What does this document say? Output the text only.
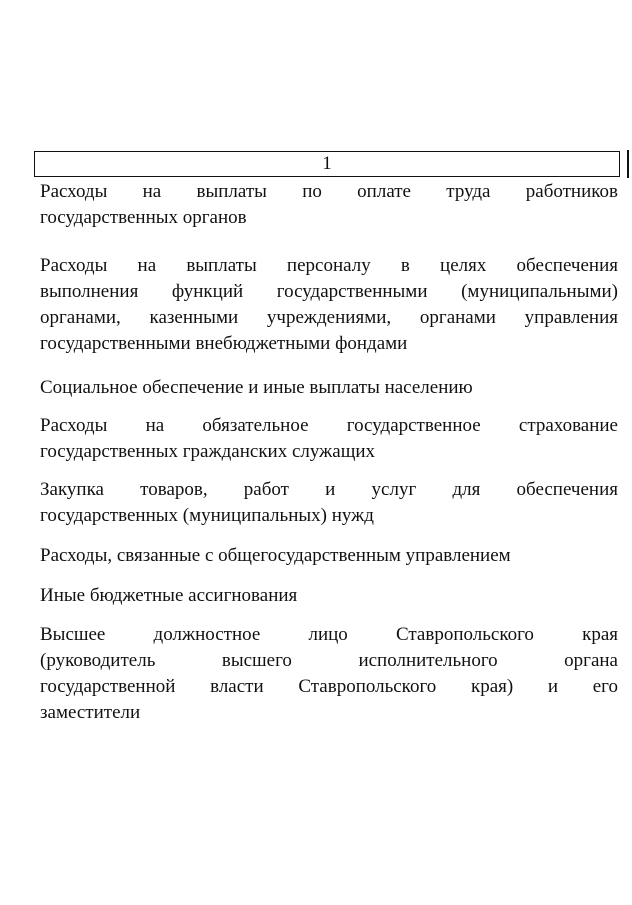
1

Расходы на выплаты по оплате труда работников

государственных органов

Расходы на выплаты персоналу в целях обеспечения

выполнения функций государственными (муниципальными)

органами, казенными учреждениями, органами управления

государственными внебюджетными фондами

Социальное обеспечение и иные выплаты населению

Расходы на обязательное государственное страхование

государственных гражданских служащих

Закупка товаров, работ и услуг для обеспечения

государственных (муниципальных) нужд

Расходы, связанные с общегосударственным управлением

Иные бюджетные ассигнования

Высшее должностное лицо Ставропольского края

(руководитель высшего исполнительного органа

государственной власти Ставропольского края) и его

заместители
